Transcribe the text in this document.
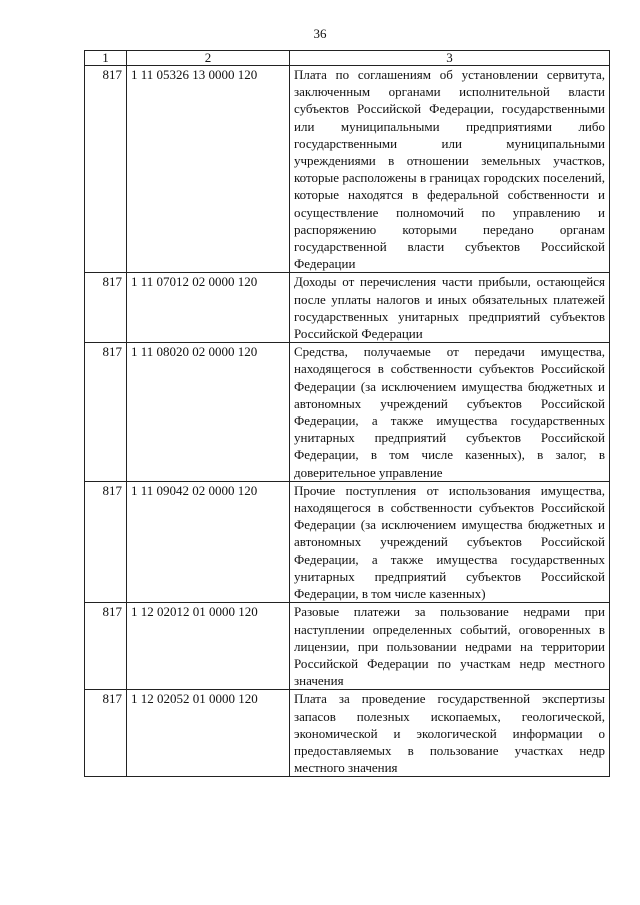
36
1	2	3
817	1 11 05326 13 0000 120	Плата по соглашениям об установлении сервитута, заключенным органами исполнительной власти субъектов Российской Федерации, государственными или муниципальными предприятиями либо государственными или муниципальными учреждениями в отношении земельных участков, которые расположены в границах городских поселений, которые находятся в федеральной собственности и осуществление полномочий по управлению и распоряжению которыми передано органам государственной власти субъектов Российской Федерации
817	1 11 07012 02 0000 120	Доходы от перечисления части прибыли, остающейся после уплаты налогов и иных обязательных платежей государственных унитарных предприятий субъектов Российской Федерации
817	1 11 08020 02 0000 120	Средства, получаемые от передачи имущества, находящегося в собственности субъектов Российской Федерации (за исключением имущества бюджетных и автономных учреждений субъектов Российской Федерации, а также имущества государственных унитарных предприятий субъектов Российской Федерации, в том числе казенных), в залог, в доверительное управление
817	1 11 09042 02 0000 120	Прочие поступления от использования имущества, находящегося в собственности субъектов Российской Федерации (за исключением имущества бюджетных и автономных учреждений субъектов Российской Федерации, а также имущества государственных унитарных предприятий субъектов Российской Федерации, в том числе казенных)
817	1 12 02012 01 0000 120	Разовые платежи за пользование недрами при наступлении определенных событий, оговоренных в лицензии, при пользовании недрами на территории Российской Федерации по участкам недр местного значения
817	1 12 02052 01 0000 120	Плата за проведение государственной экспертизы запасов полезных ископаемых, геологической, экономической и экологической информации о предоставляемых в пользование участках недр местного значения
